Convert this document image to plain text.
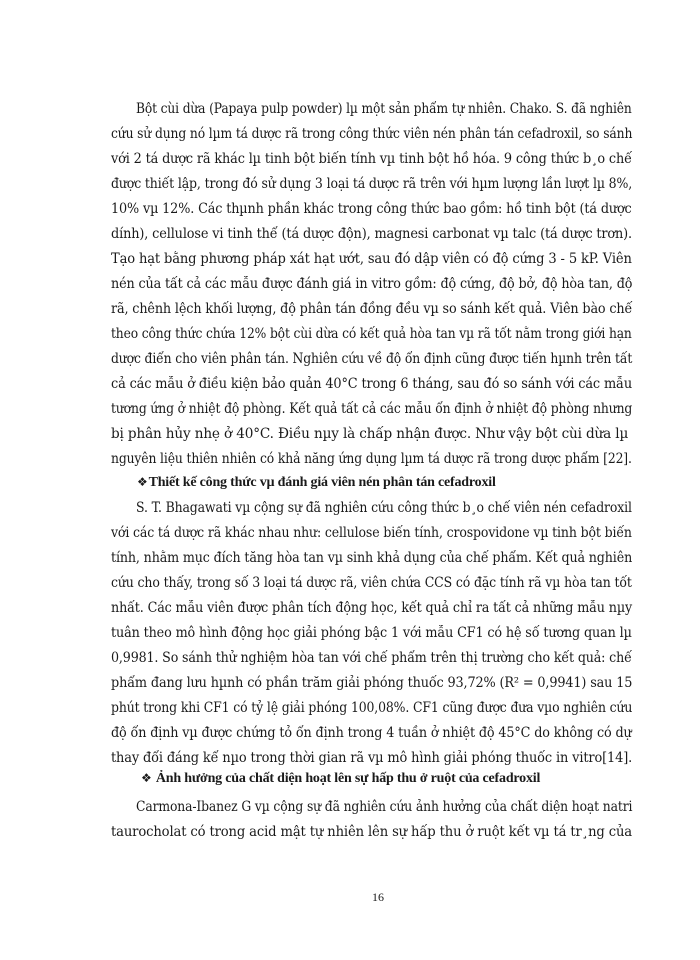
Bột cùi dừa (Papaya pulp powder) lµ một sản phẩm tự nhiên. Chako. S. đã nghiên
cứu sử dụng nó lµm tá dược rã trong công thức viên nén phân tán cefadroxil, so sánh
với 2 tá dược rã khác lµ tinh bột biến tính vµ tinh bột hồ hóa. 9 công thức b¸o chế
được thiết lập, trong đó sử dụng 3 loại tá dược rã trên với hµm lượng lần lượt lµ 8%,
10% vµ 12%. Các thµnh phần khác trong công thức bao gồm: hồ tinh bột (tá dược
dính), cellulose vi tinh thể (tá dược độn), magnesi carbonat vµ talc (tá dược trơn).
Tạo hạt bằng phương pháp xát hạt ướt, sau đó dập viên có độ cứng 3 - 5 kP. Viên
nén của tất cả các mẫu được đánh giá in vitro gồm: độ cứng, độ bở, độ hòa tan, độ
rã, chênh lệch khối lượng, độ phân tán đồng đều vµ so sánh kết quả. Viên bào chế
theo công thức chứa 12% bột cùi dừa có kết quả hòa tan vµ rã tốt nằm trong giới hạn
dược điển cho viên phân tán. Nghiên cứu về độ ổn định cũng được tiến hµnh trên tất
cả các mẫu ở điều kiện bảo quản 40°C trong 6 tháng, sau đó so sánh với các mẫu
tương ứng ở nhiệt độ phòng. Kết quả tất cả các mẫu ổn định ở nhiệt độ phòng nhưng
bị phân hủy nhẹ ở 40°C. Điều nµy là chấp nhận được. Như vậy bột cùi dừa lµ
nguyên liệu thiên nhiên có khả năng ứng dụng lµm tá dược rã trong dược phẩm [22].
❖Thiết kế công thức vµ đánh giá viên nén phân tán cefadroxil
S. T. Bhagawati vµ cộng sự đã nghiên cứu công thức b¸o chế viên nén cefadroxil
với các tá dược rã khác nhau như: cellulose biến tính, crospovidone vµ tinh bột biến
tính, nhằm mục đích tăng hòa tan vµ sinh khả dụng của chế phẩm. Kết quả nghiên
cứu cho thấy, trong số 3 loại tá dược rã, viên chứa CCS có đặc tính rã vµ hòa tan tốt
nhất. Các mẫu viên được phân tích động học, kết quả chỉ ra tất cả những mẫu nµy
tuân theo mô hình động học giải phóng bậc 1 với mẫu CF1 có hệ số tương quan lµ
0,9981. So sánh thử nghiệm hòa tan với chế phẩm trên thị trường cho kết quả: chế
phẩm đang lưu hµnh có phần trăm giải phóng thuốc 93,72% (R² = 0,9941) sau 15
phút trong khi CF1 có tỷ lệ giải phóng 100,08%. CF1 cũng được đưa vµo nghiên cứu
độ ổn định vµ được chứng tỏ ổn định trong 4 tuần ở nhiệt độ 45°C do không có dự
thay đổi đáng kể nµo trong thời gian rã vµ mô hình giải phóng thuốc in vitro[14].
❖ Ảnh hưởng của chất diện hoạt lên sự hấp thu ở ruột của cefadroxil
Carmona-Ibanez G vµ cộng sự đã nghiên cứu ảnh hưởng của chất diện hoạt natri
taurocholat có trong acid mật tự nhiên lên sự hấp thu ở ruột kết vµ tá tr¸ng của
16
